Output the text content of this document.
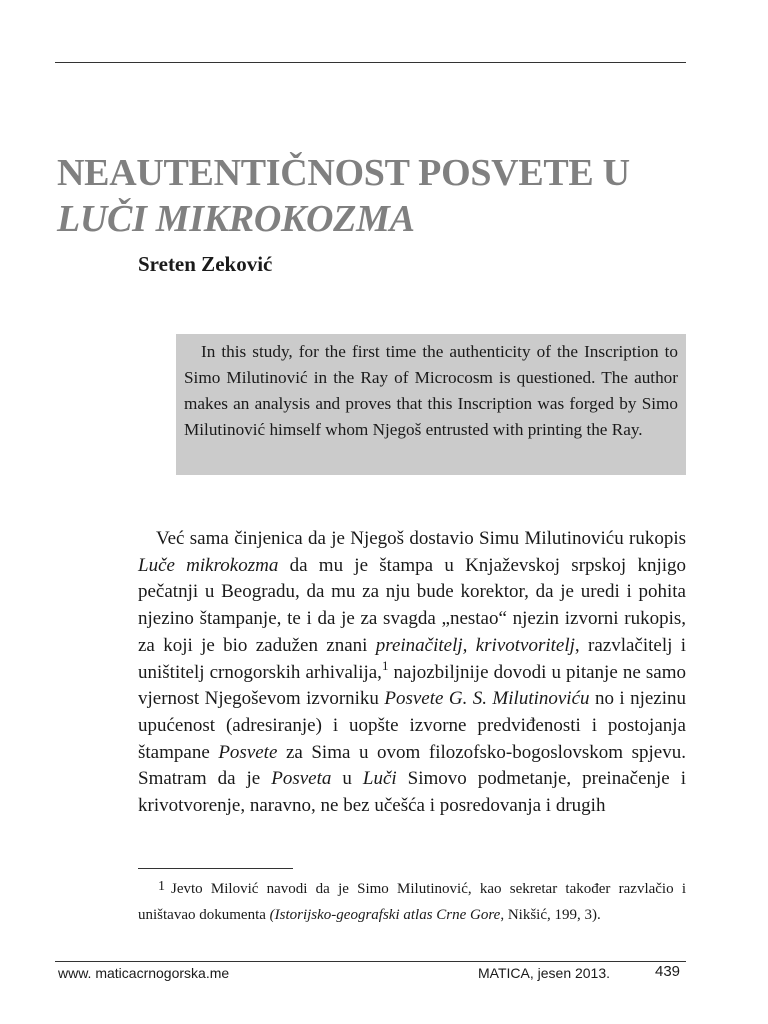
NEAUTENTIČNOST POSVETE U
LUČI MIKROKOZMA
Sreten Zeković

In this study, for the first time the authenticity of the Inscription to Simo Milutinović in the Ray of Microcosm is questioned. The author makes an analysis and proves that this Inscription was forged by Simo Milutinović himself whom Njegoš entrusted with printing the Ray.

Već sama činjenica da je Njegoš dostavio Simu Milutinoviću rukopis Luče mikrokozma da mu je štampa u Knjaževskoj srpskoj knjigo pečatnji u Beogradu, da mu za nju bude korektor, da je uredi i pohita njezino štampanje, te i da je za svagda „nestao“ njezin izvorni rukopis, za koji je bio zadužen znani preinačitelj, krivotvoritelj, razvlačitelj i uništitelj crnogorskih arhivalija,$^1$ najozbiljnije dovodi u pitanje ne samo vjernost Njegoševom izvorniku Posvete G. S. Milutinoviću no i njezinu upućenost (adresiranje) i uopšte izvorne predviđenosti i postojanja štampane Posvete za Sima u ovom filozofsko-bogoslovskom spjevu. Smatram da je Posveta u Luči Simovo podmetanje, preinačenje i krivotvorenje, naravno, ne bez učešća i posredovanja i drugih

1 Jevto Milović navodi da je Simo Milutinović, kao sekretar također razvlačio i uništavao dokumenta (Istorijsko-geografski atlas Crne Gore, Nikšić, 199, 3).

www. maticacrnogorska.me	MATICA, jesen 2013.	439
